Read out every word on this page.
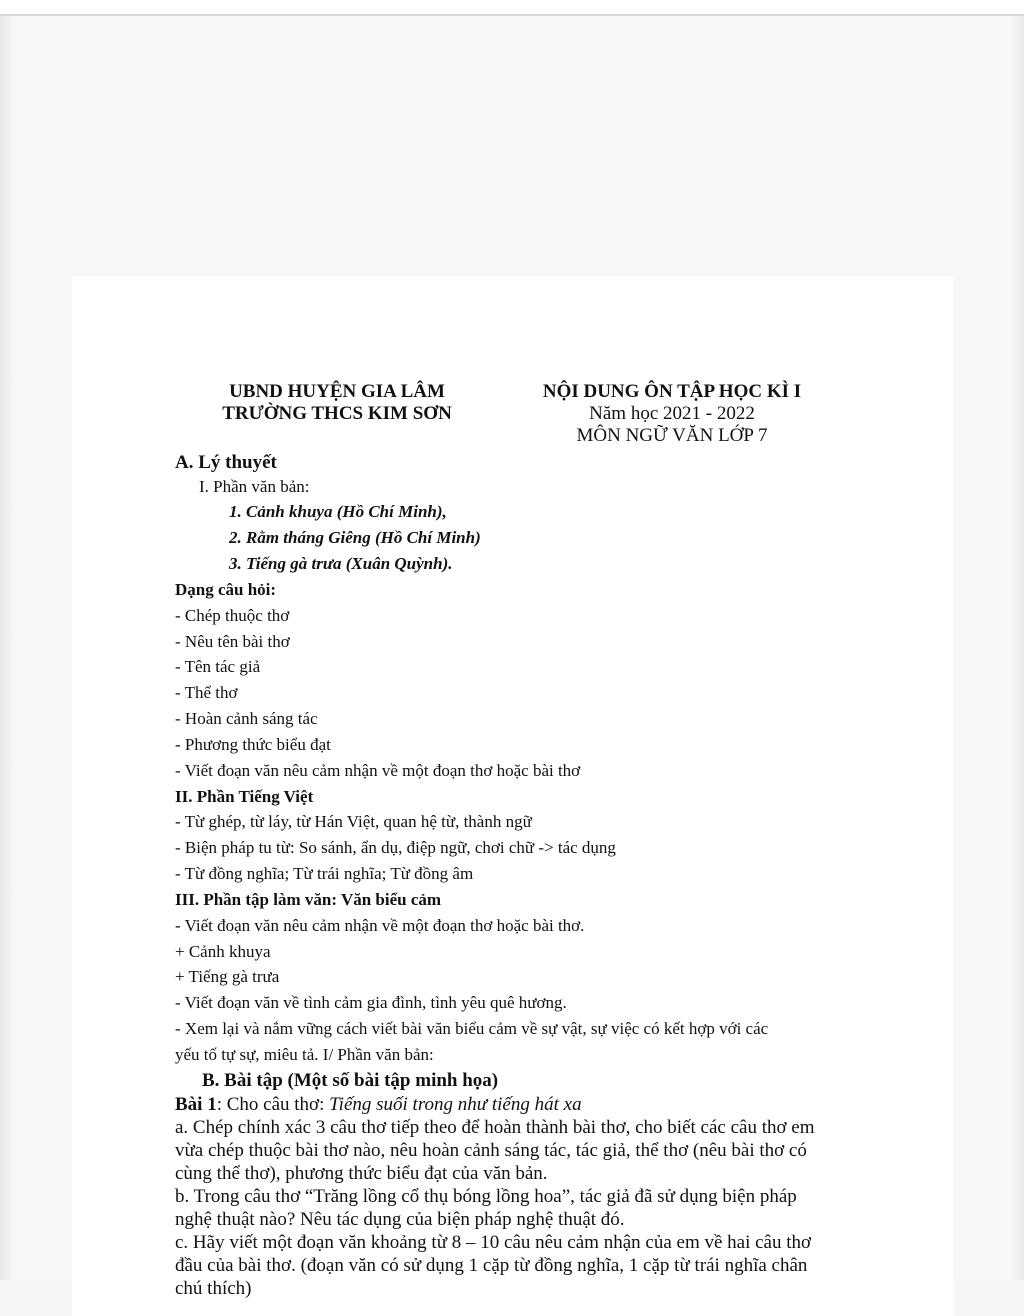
UBND HUYỆN GIA LÂM
TRƯỜNG THCS KIM SƠN
NỘI DUNG ÔN TẬP HỌC KÌ I
Năm học 2021 - 2022
MÔN NGỮ VĂN LỚP 7
A. Lý thuyết
I. Phần văn bản:
1. Cảnh khuya (Hồ Chí Minh),
2. Rằm tháng Giêng (Hồ Chí Minh)
3. Tiếng gà trưa (Xuân Quỳnh).
Dạng câu hỏi:
- Chép thuộc thơ
- Nêu tên bài thơ
- Tên tác giả
- Thể thơ
- Hoàn cảnh sáng tác
- Phương thức biểu đạt
- Viết đoạn văn nêu cảm nhận về một đoạn thơ hoặc bài thơ
II. Phần Tiếng Việt
- Từ ghép, từ láy, từ Hán Việt, quan hệ từ, thành ngữ
- Biện pháp tu từ: So sánh, ẩn dụ, điệp ngữ, chơi chữ -> tác dụng
- Từ đồng nghĩa; Từ trái nghĩa; Từ đồng âm
III. Phần tập làm văn: Văn biểu cảm
- Viết đoạn văn nêu cảm nhận về một đoạn thơ hoặc bài thơ.
+ Cảnh khuya
+ Tiếng gà trưa
- Viết đoạn văn về tình cảm gia đình, tình yêu quê hương.
- Xem lại và nắm vững cách viết bài văn biểu cảm về sự vật, sự việc có kết hợp với các
yếu tố tự sự, miêu tả. I/ Phần văn bản:
B. Bài tập (Một số bài tập minh họa)
Bài 1: Cho câu thơ: Tiếng suối trong như tiếng hát xa
a. Chép chính xác 3 câu thơ tiếp theo để hoàn thành bài thơ, cho biết các câu thơ em
vừa chép thuộc bài thơ nào, nêu hoàn cảnh sáng tác, tác giả, thể thơ (nêu bài thơ có
cùng thể thơ), phương thức biểu đạt của văn bản.
b. Trong câu thơ “Trăng lồng cổ thụ bóng lồng hoa”, tác giả đã sử dụng biện pháp
nghệ thuật nào? Nêu tác dụng của biện pháp nghệ thuật đó.
c. Hãy viết một đoạn văn khoảng từ 8 – 10 câu nêu cảm nhận của em về hai câu thơ
đầu của bài thơ. (đoạn văn có sử dụng 1 cặp từ đồng nghĩa, 1 cặp từ trái nghĩa chân
chú thích)
